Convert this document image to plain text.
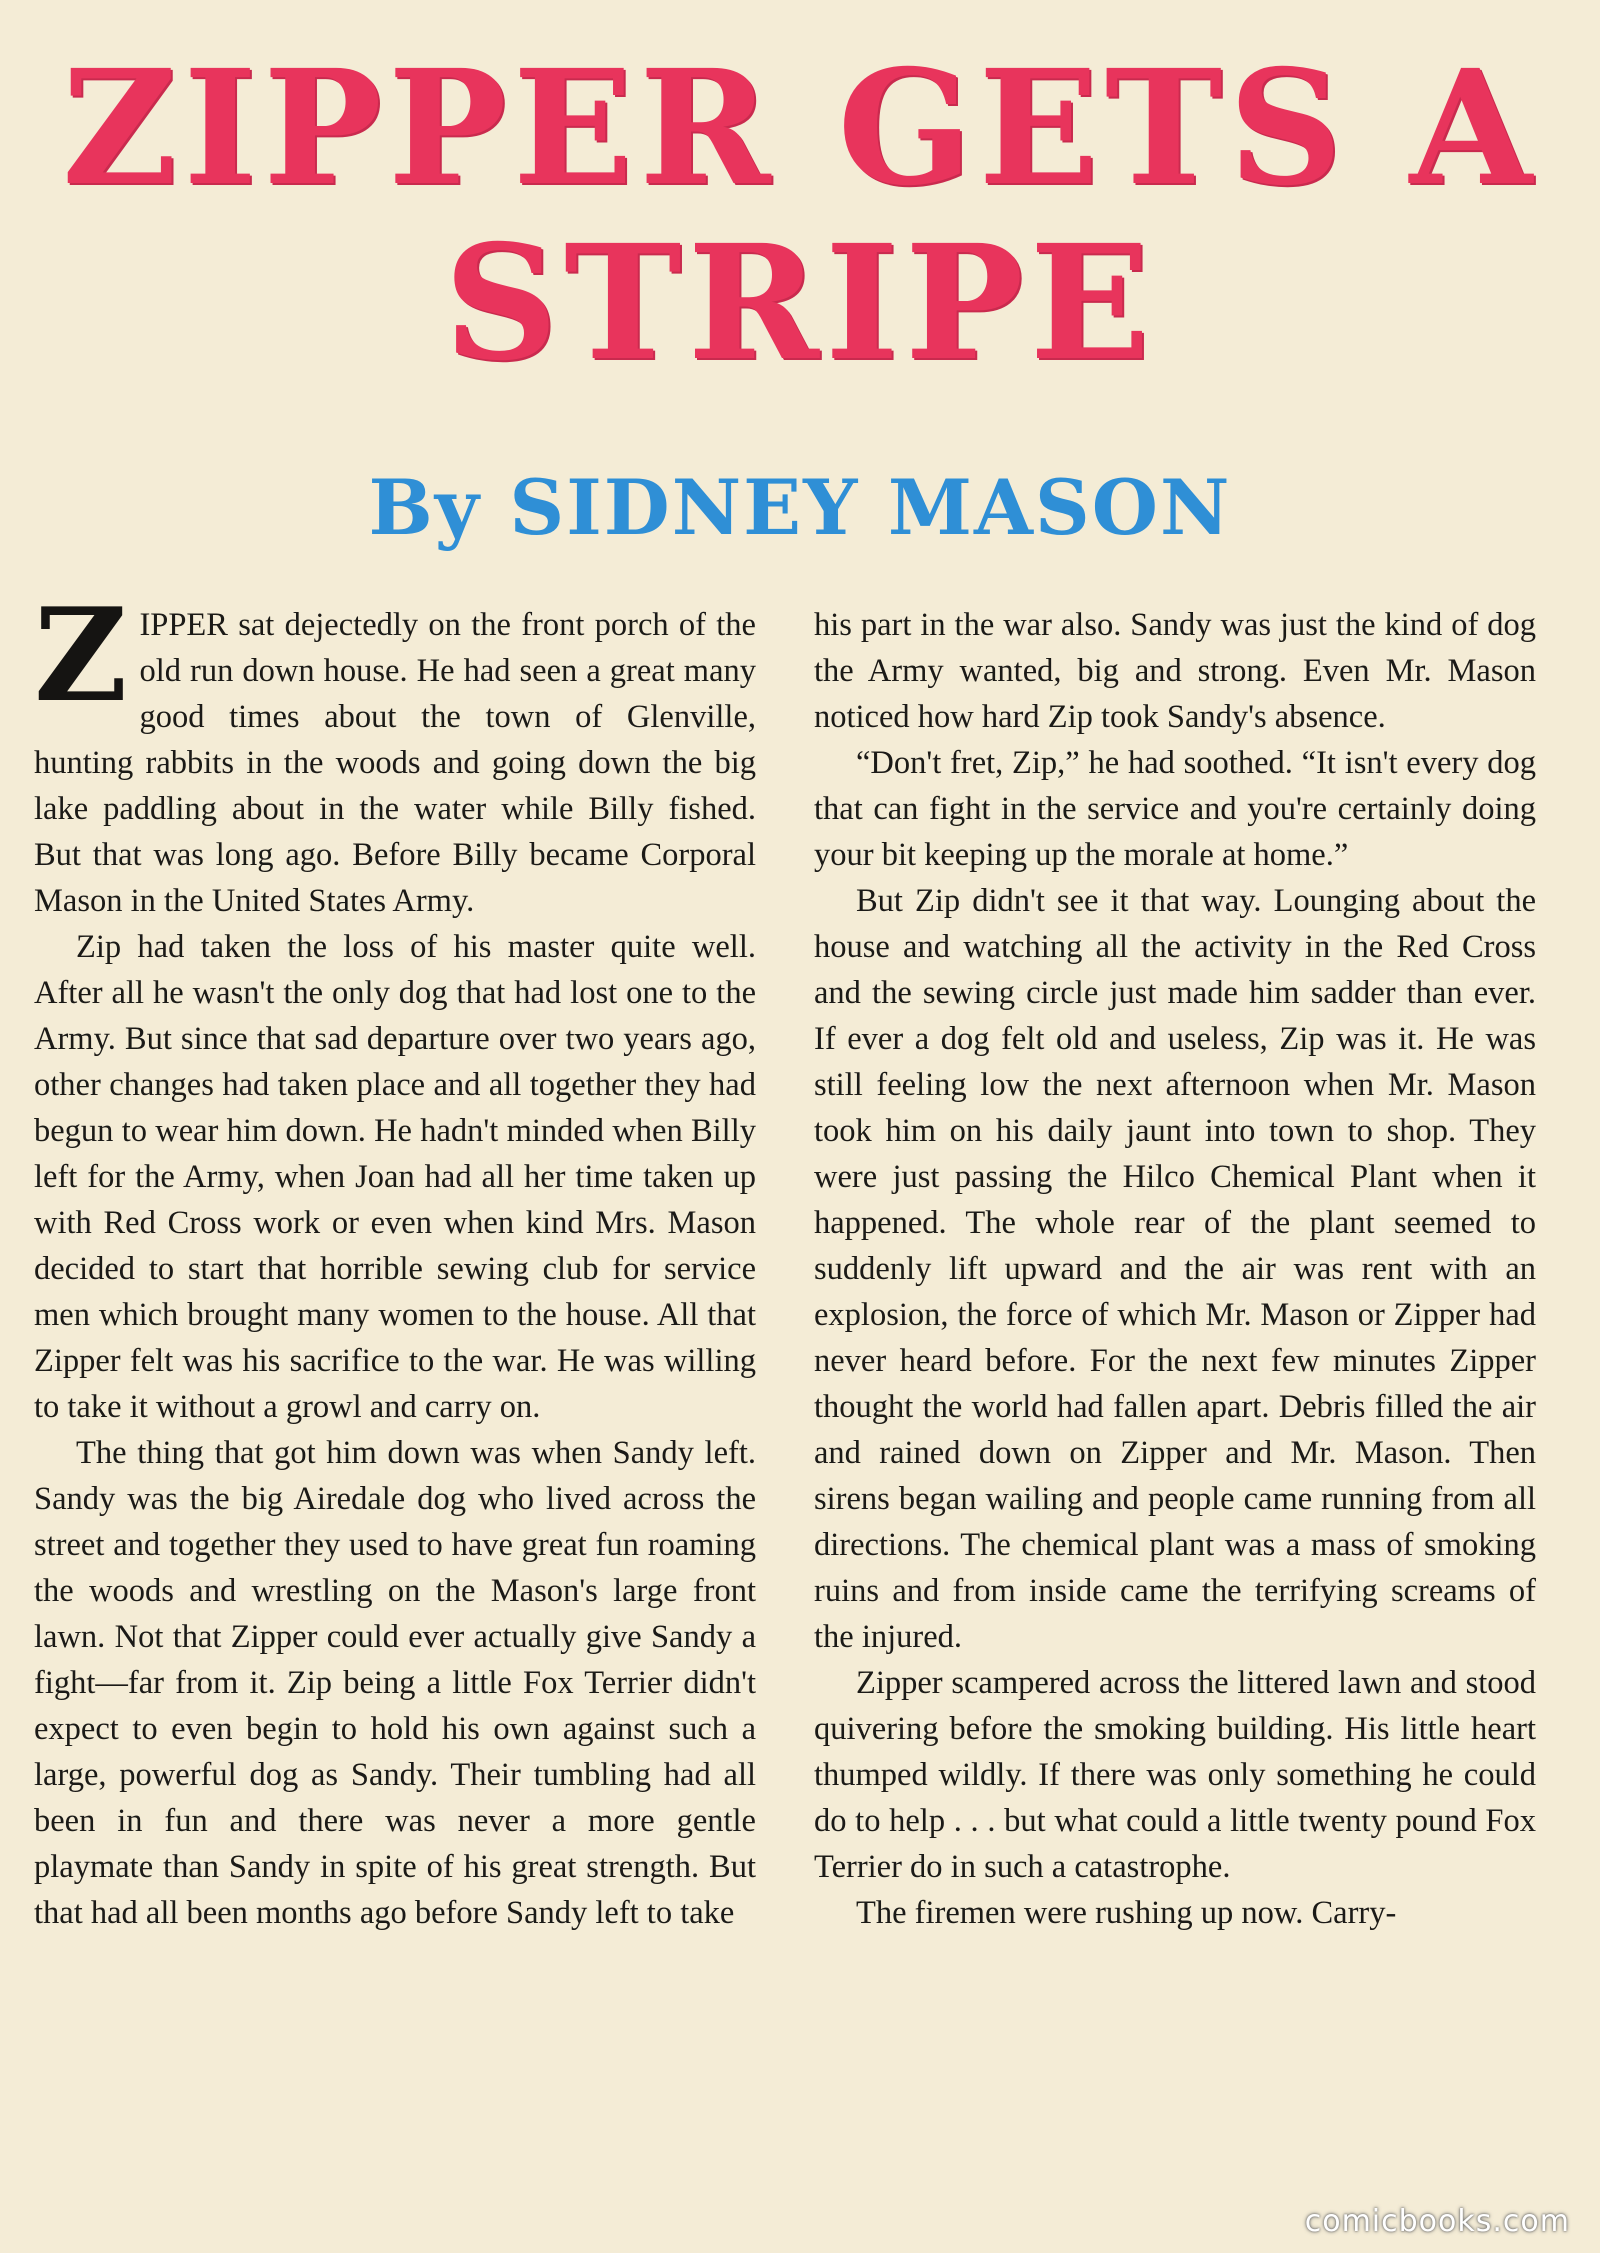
ZIPPER GETS A
STRIPE
By SIDNEY MASON

ZIPPER sat dejectedly on the front porch of the old run down house. He had seen a great many good times about the town of Glenville, hunting rabbits in the woods and going down the big lake paddling about in the water while Billy fished. But that was long ago. Before Billy became Corporal Mason in the United States Army.

Zip had taken the loss of his master quite well. After all he wasn't the only dog that had lost one to the Army. But since that sad departure over two years ago, other changes had taken place and all together they had begun to wear him down. He hadn't minded when Billy left for the Army, when Joan had all her time taken up with Red Cross work or even when kind Mrs. Mason decided to start that horrible sewing club for service men which brought many women to the house. All that Zipper felt was his sacrifice to the war. He was willing to take it without a growl and carry on.

The thing that got him down was when Sandy left. Sandy was the big Airedale dog who lived across the street and together they used to have great fun roaming the woods and wrestling on the Mason's large front lawn. Not that Zipper could ever actually give Sandy a fight—far from it. Zip being a little Fox Terrier didn't expect to even begin to hold his own against such a large, powerful dog as Sandy. Their tumbling had all been in fun and there was never a more gentle playmate than Sandy in spite of his great strength. But that had all been months ago before Sandy left to take

his part in the war also. Sandy was just the kind of dog the Army wanted, big and strong. Even Mr. Mason noticed how hard Zip took Sandy's absence.

“Don't fret, Zip,” he had soothed. “It isn't every dog that can fight in the service and you're certainly doing your bit keeping up the morale at home.”

But Zip didn't see it that way. Lounging about the house and watching all the activity in the Red Cross and the sewing circle just made him sadder than ever. If ever a dog felt old and useless, Zip was it. He was still feeling low the next afternoon when Mr. Mason took him on his daily jaunt into town to shop. They were just passing the Hilco Chemical Plant when it happened. The whole rear of the plant seemed to suddenly lift upward and the air was rent with an explosion, the force of which Mr. Mason or Zipper had never heard before. For the next few minutes Zipper thought the world had fallen apart. Debris filled the air and rained down on Zipper and Mr. Mason. Then sirens began wailing and people came running from all directions. The chemical plant was a mass of smoking ruins and from inside came the terrifying screams of the injured.

Zipper scampered across the littered lawn and stood quivering before the smoking building. His little heart thumped wildly. If there was only something he could do to help . . . but what could a little twenty pound Fox Terrier do in such a catastrophe.

The firemen were rushing up now. Carry-

comicbooks.com
